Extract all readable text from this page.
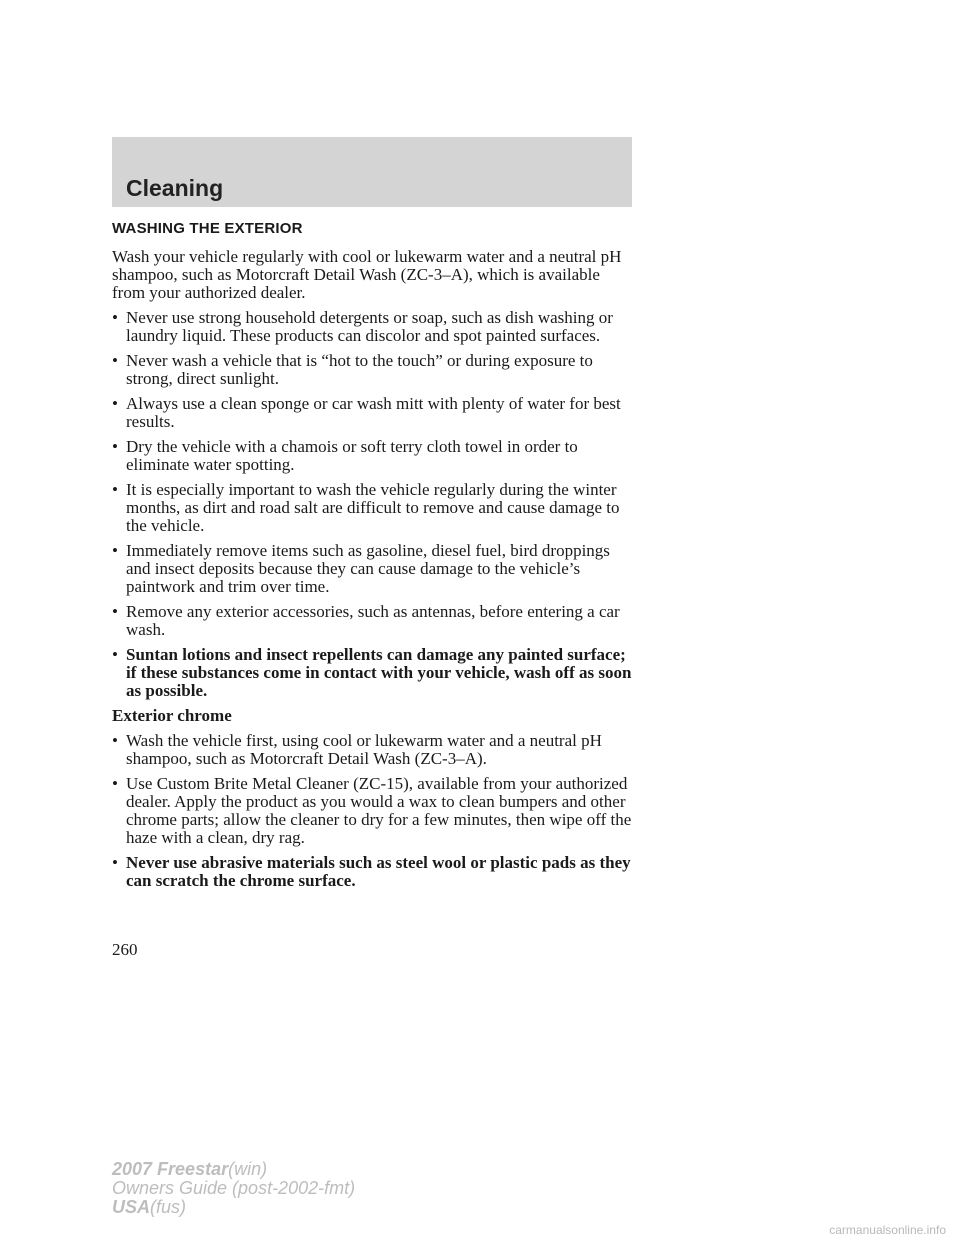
Cleaning
WASHING THE EXTERIOR

Wash your vehicle regularly with cool or lukewarm water and a neutral pH shampoo, such as Motorcraft Detail Wash (ZC-3–A), which is available from your authorized dealer.

• Never use strong household detergents or soap, such as dish washing or laundry liquid. These products can discolor and spot painted surfaces.
• Never wash a vehicle that is “hot to the touch” or during exposure to strong, direct sunlight.
• Always use a clean sponge or car wash mitt with plenty of water for best results.
• Dry the vehicle with a chamois or soft terry cloth towel in order to eliminate water spotting.
• It is especially important to wash the vehicle regularly during the winter months, as dirt and road salt are difficult to remove and cause damage to the vehicle.
• Immediately remove items such as gasoline, diesel fuel, bird droppings and insect deposits because they can cause damage to the vehicle’s paintwork and trim over time.
• Remove any exterior accessories, such as antennas, before entering a car wash.
• Suntan lotions and insect repellents can damage any painted surface; if these substances come in contact with your vehicle, wash off as soon as possible.
Exterior chrome
• Wash the vehicle first, using cool or lukewarm water and a neutral pH shampoo, such as Motorcraft Detail Wash (ZC-3–A).
• Use Custom Brite Metal Cleaner (ZC-15), available from your authorized dealer. Apply the product as you would a wax to clean bumpers and other chrome parts; allow the cleaner to dry for a few minutes, then wipe off the haze with a clean, dry rag.
• Never use abrasive materials such as steel wool or plastic pads as they can scratch the chrome surface.
260
2007 Freestar(win)
Owners Guide (post-2002-fmt)
USA(fus)
carmanualsonline.info
